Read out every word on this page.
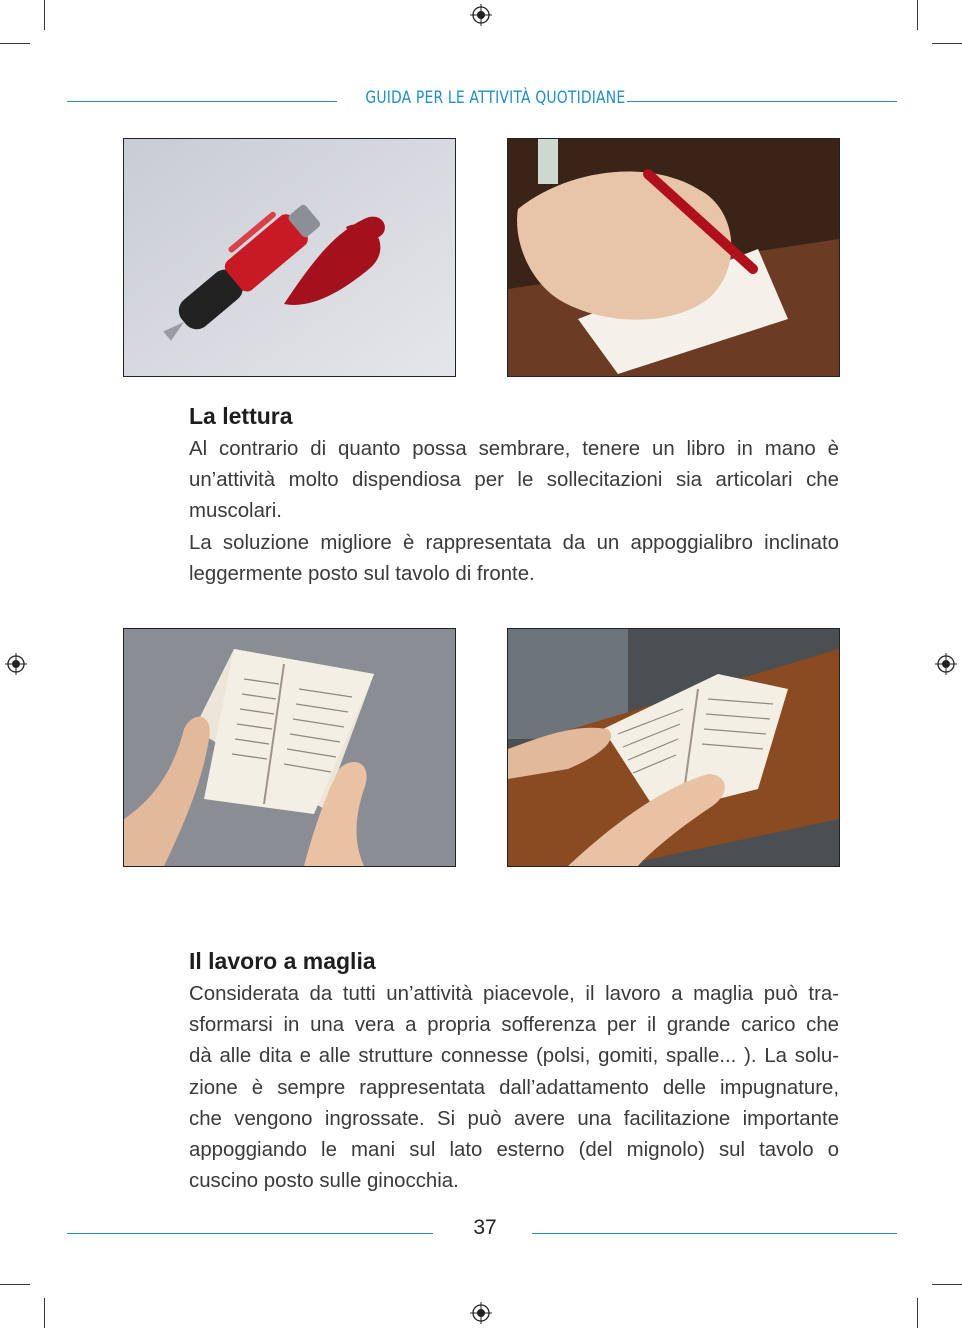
GUIDA PER LE ATTIVITÀ QUOTIDIANE
La lettura
Al contrario di quanto possa sembrare, tenere un libro in mano è
un’attività molto dispendiosa per le sollecitazioni sia articolari che
muscolari.
La soluzione migliore è rappresentata da un appoggialibro inclinato
leggermente posto sul tavolo di fronte.
Il lavoro a maglia
Considerata da tutti un’attività piacevole, il lavoro a maglia può tra-
sformarsi in una vera a propria sofferenza per il grande carico che
dà alle dita e alle strutture connesse (polsi, gomiti, spalle... ). La solu-
zione è sempre rappresentata dall’adattamento delle impugnature,
che vengono ingrossate. Si può avere una facilitazione importante
appoggiando le mani sul lato esterno (del mignolo) sul tavolo o
cuscino posto sulle ginocchia.
37
